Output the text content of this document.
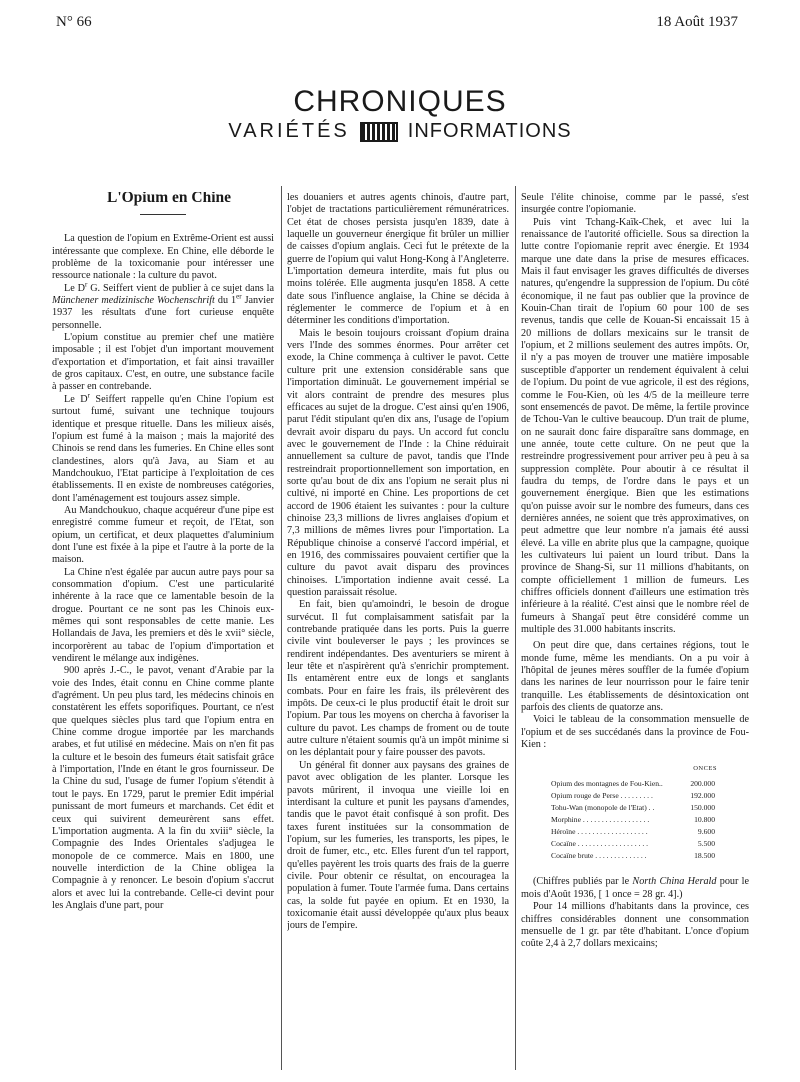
N° 66	18 Août 1937
CHRONIQUES
VARIÉTÉS	INFORMATIONS

L'Opium en Chine

La question de l'opium en Extrême-Orient est aussi intéressante que complexe. En Chine, elle déborde le problème de la toxicomanie pour intéresser une ressource nationale : la culture du pavot.

Le $D^r$ G. Seiffert vient de publier à ce sujet dans la Münchener medizinische Wochenschrift du 1er Janvier 1937 les résultats d'une fort curieuse enquête personnelle.

L'opium constitue au premier chef une matière imposable ; il est l'objet d'un important mouvement d'exportation et d'importation, et fait ainsi travailler de gros capitaux. C'est, en outre, une substance facile à passer en contrebande.

Le $D^r$ Seiffert rappelle qu'en Chine l'opium est surtout fumé, suivant une technique toujours identique et presque rituelle. Dans les milieux aisés, l'opium est fumé à la maison ; mais la majorité des Chinois se rend dans les fumeries. En Chine elles sont clandestines, alors qu'à Java, au Siam et au Mandchoukuo, l'Etat participe à l'exploitation de ces établissements. Il en existe de nombreuses catégories, dont l'aménagement est toujours assez simple.

Au Mandchoukuo, chaque acquéreur d'une pipe est enregistré comme fumeur et reçoit, de l'Etat, son opium, un certificat, et deux plaquettes d'aluminium dont l'une est fixée à la pipe et l'autre à la porte de la maison.

La Chine n'est égalée par aucun autre pays pour sa consommation d'opium. C'est une particularité inhérente à la race que ce lamentable besoin de la drogue. Pourtant ce ne sont pas les Chinois eux-mêmes qui sont responsables de cette manie. Les Hollandais de Java, les premiers et dès le xvii° siècle, incorporèrent au tabac de l'opium d'importation et vendirent le mélange aux indigènes.

900 après J.-C., le pavot, venant d'Arabie par la voie des Indes, était connu en Chine comme plante d'agrément. Un peu plus tard, les médecins chinois en constatèrent les effets soporifiques. Pourtant, ce n'est que quelques siècles plus tard que l'opium entra en Chine comme drogue importée par les marchands arabes, et fut utilisé en médecine. Mais on n'en fit pas la culture et le besoin des fumeurs était satisfait grâce à l'importation, l'Inde en étant le gros fournisseur. De la Chine du sud, l'usage de fumer l'opium s'étendit à tout le pays. En 1729, parut le premier Edit impérial punissant de mort fumeurs et marchands. Cet édit et ceux qui suivirent demeurèrent sans effet. L'importation augmenta. A la fin du xviii° siècle, la Compagnie des Indes Orientales s'adjugea le monopole de ce commerce. Mais en 1800, une nouvelle interdiction de la Chine obligea la Compagnie à y renoncer. Le besoin d'opium s'accrut alors et avec lui la contrebande. Celle-ci devint pour les Anglais d'une part, pour

les douaniers et autres agents chinois, d'autre part, l'objet de tractations particulièrement rémunératrices. Cet état de choses persista jusqu'en 1839, date à laquelle un gouverneur énergique fit brûler un millier de caisses d'opium anglais. Ceci fut le prétexte de la guerre de l'opium qui valut Hong-Kong à l'Angleterre. L'importation demeura interdite, mais fut plus ou moins tolérée. Elle augmenta jusqu'en 1858. A cette date sous l'influence anglaise, la Chine se décida à réglementer le commerce de l'opium et à en déterminer les conditions d'importation.

Mais le besoin toujours croissant d'opium draina vers l'Inde des sommes énormes. Pour arrêter cet exode, la Chine commença à cultiver le pavot. Cette culture prit une extension considérable sans que l'importation diminuât. Le gouvernement impérial se vit alors contraint de prendre des mesures plus efficaces au sujet de la drogue. C'est ainsi qu'en 1906, parut l'édit stipulant qu'en dix ans, l'usage de l'opium devrait avoir disparu du pays. Un accord fut conclu avec le gouvernement de l'Inde : la Chine réduirait annuellement sa culture de pavot, tandis que l'Inde restreindrait proportionnellement son importation, en sorte qu'au bout de dix ans l'opium ne serait plus ni cultivé, ni importé en Chine. Les proportions de cet accord de 1906 étaient les suivantes : pour la culture chinoise 23,3 millions de livres anglaises d'opium et 7,3 millions de mêmes livres pour l'importation. La République chinoise a conservé l'accord impérial, et en 1916, des commissaires pouvaient certifier que la culture du pavot avait disparu des provinces chinoises. L'importation indienne avait cessé. La question paraissait résolue.

En fait, bien qu'amoindri, le besoin de drogue survécut. Il fut complaisamment satisfait par la contrebande pratiquée dans les ports. Puis la guerre civile vint bouleverser le pays ; les provinces se rendirent indépendantes. Des aventuriers se mirent à leur tête et n'aspirèrent qu'à s'enrichir promptement. Ils entamèrent entre eux de longs et sanglants combats. Pour en faire les frais, ils prélevèrent des impôts. De ceux-ci le plus productif était le droit sur l'opium. Par tous les moyens on chercha à favoriser la culture du pavot. Les champs de froment ou de toute autre culture n'étaient soumis qu'à un impôt minime si on les déplantait pour y faire pousser des pavots.

Un général fit donner aux paysans des graines de pavot avec obligation de les planter. Lorsque les pavots mûrirent, il invoqua une vieille loi en interdisant la culture et punit les paysans d'amendes, tandis que le pavot était confisqué à son profit. Des taxes furent instituées sur la consommation de l'opium, sur les fumeries, les transports, les pipes, le droit de fumer, etc., etc. Elles furent d'un tel rapport, qu'elles payèrent les trois quarts des frais de la guerre civile. Pour obtenir ce résultat, on encouragea la population à fumer. Toute l'armée fuma. Dans certains cas, la solde fut payée en opium. Et en 1930, la toxicomanie était aussi développée qu'aux plus beaux jours de l'empire.

Seule l'élite chinoise, comme par le passé, s'est insurgée contre l'opiomanie.

Puis vint Tchang-Kaïk-Chek, et avec lui la renaissance de l'autorité officielle. Sous sa direction la lutte contre l'opiomanie reprit avec énergie. Et 1934 marque une date dans la prise de mesures efficaces. Mais il faut envisager les graves difficultés de diverses natures, qu'engendre la suppression de l'opium. Du côté économique, il ne faut pas oublier que la province de Kouin-Chan tirait de l'opium 60 pour 100 de ses revenus, tandis que celle de Kouan-Si encaissait 15 à 20 millions de dollars mexicains sur le transit de l'opium, et 2 millions seulement des autres impôts. Or, il n'y a pas moyen de trouver une matière imposable susceptible d'apporter un rendement équivalent à celui de l'opium. Du point de vue agricole, il est des régions, comme le Fou-Kien, où les 4/5 de la meilleure terre sont ensemencés de pavot. De même, la fertile province de Tchou-Van le cultive beaucoup. D'un trait de plume, on ne saurait donc faire disparaître sans dommage, en une année, toute cette culture. On ne peut que la restreindre progressivement pour arriver peu à peu à sa suppression complète. Pour aboutir à ce résultat il faudra du temps, de l'ordre dans le pays et un gouvernement énergique. Bien que les estimations qu'on puisse avoir sur le nombre des fumeurs, dans ces dernières années, ne soient que très approximatives, on peut admettre que leur nombre n'a jamais été aussi élevé. La ville en abrite plus que la campagne, quoique les cultivateurs lui paient un lourd tribut. Dans la province de Shang-Si, sur 11 millions d'habitants, on compte officiellement 1 million de fumeurs. Les chiffres officiels donnent d'ailleurs une estimation très inférieure à la réalité. C'est ainsi que le nombre réel de fumeurs à Shangaï peut être considéré comme un multiple des 31.000 habitants inscrits.

On peut dire que, dans certaines régions, tout le monde fume, même les mendiants. On a pu voir à l'hôpital de jeunes mères souffler de la fumée d'opium dans les narines de leur nourrisson pour le faire tenir tranquille. Les établissements de désintoxication ont parfois des clients de quatorze ans.

Voici le tableau de la consommation mensuelle de l'opium et de ses succédanés dans la province de Fou-Kien :

ONCES	
Opium des montagnes de Fou-Kien..	200.000
Opium rouge de Perse . . . . . . . . .	192.000
Tohu-Wan (monopole de l'Etat) . .	150.000
Morphine . . . . . . . . . . . . . . . . . .	10.800
Héroïne . . . . . . . . . . . . . . . . . . .	9.600
Cocaïne . . . . . . . . . . . . . . . . . . .	5.500
Cocaïne brute . . . . . . . . . . . . . .	18.500

(Chiffres publiés par le North China Herald pour le mois d'Août 1936, [ 1 once = 28 gr. 4].)

Pour 14 millions d'habitants dans la province, ces chiffres considérables donnent une consommation mensuelle de 1 gr. par tête d'habitant. L'once d'opium coûte 2,4 à 2,7 dollars mexicains;
